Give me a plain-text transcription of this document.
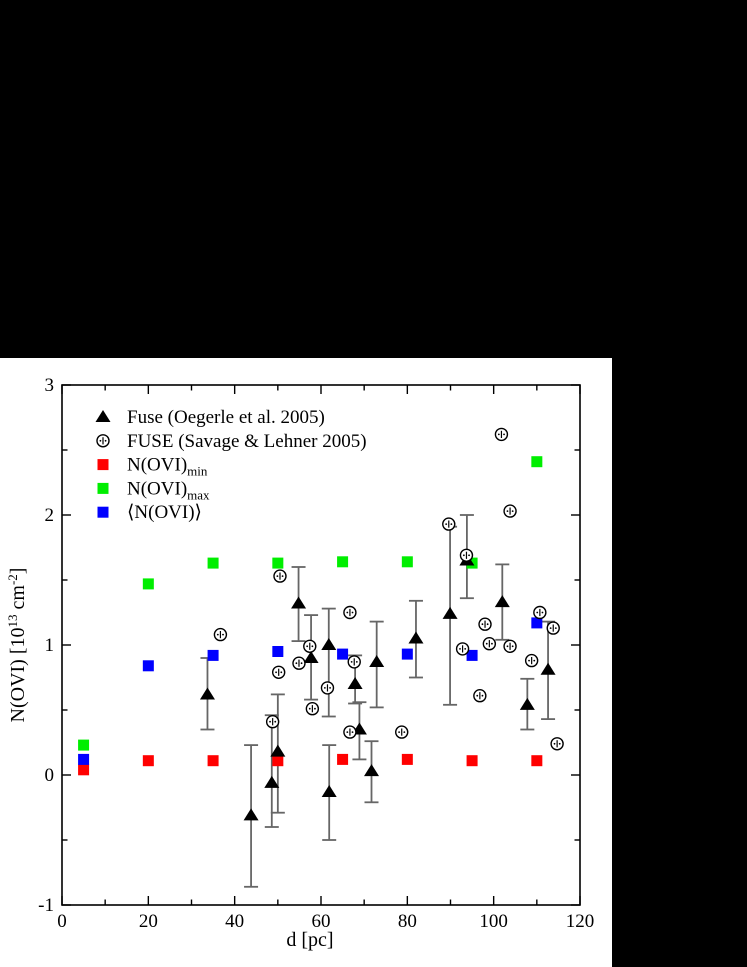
0	20	40	60	80	100	120
-1
0
1
2
3
d [pc]
N(OVI) [$10^{13}$ $cm^{-2}$]
Fuse (Oegerle et al. 2005)
FUSE (Savage & Lehner 2005)
$N(OVI)_{min}$
$N(OVI)_{max}$
⟨N(OVI)⟩
